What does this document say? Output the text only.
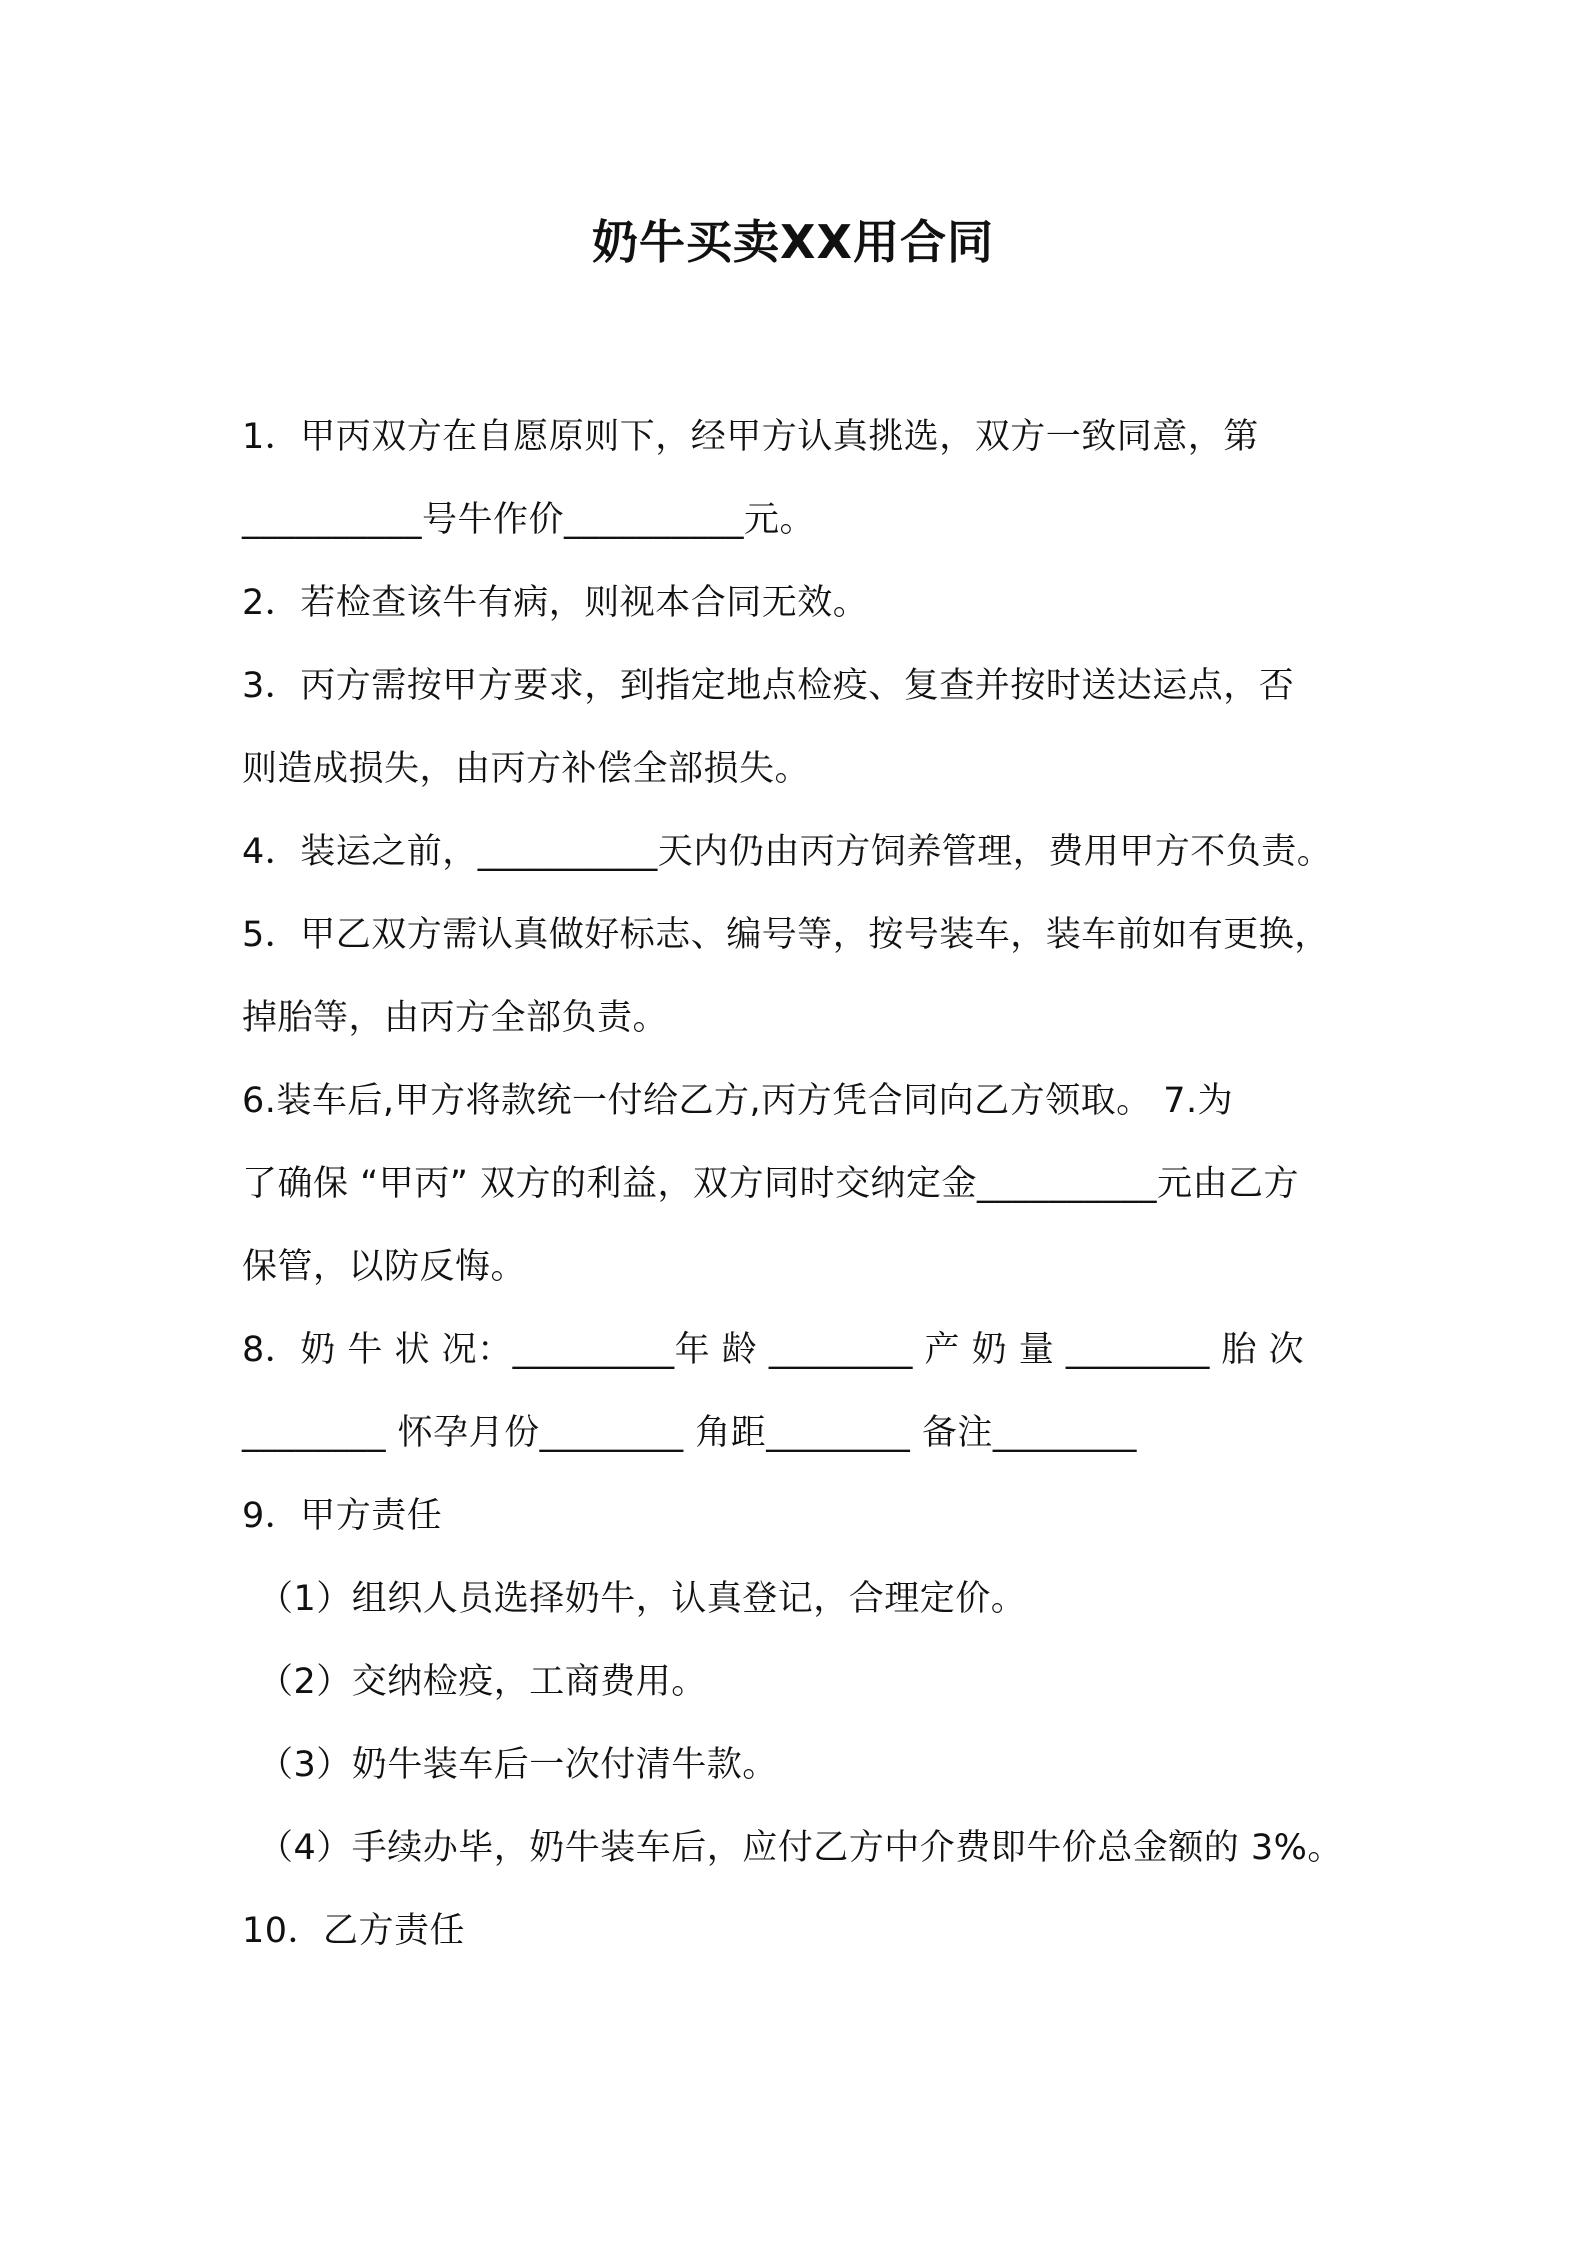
奶牛买卖XX用合同
1．甲丙双方在自愿原则下，经甲方认真挑选，双方一致同意，第
__________号牛作价__________元。
2．若检查该牛有病，则视本合同无效。
3．丙方需按甲方要求，到指定地点检疫、复查并按时送达运点，否
则造成损失，由丙方补偿全部损失。
4．装运之前，__________天内仍由丙方饲养管理，费用甲方不负责。
5．甲乙双方需认真做好标志、编号等，按号装车，装车前如有更换，
掉胎等，由丙方全部负责。
6.装车后,甲方将款统一付给乙方,丙方凭合同向乙方领取。 7.为
了确保 “甲丙” 双方的利益，双方同时交纳定金__________元由乙方
保管，以防反悔。
8．奶 牛 状 况：_________年 龄 ________ 产 奶 量 ________ 胎 次
________ 怀孕月份________ 角距________ 备注________
9．甲方责任
（1）组织人员选择奶牛，认真登记，合理定价。
（2）交纳检疫，工商费用。
（3）奶牛装车后一次付清牛款。
（4）手续办毕，奶牛装车后，应付乙方中介费即牛价总金额的 3%。
10．乙方责任
